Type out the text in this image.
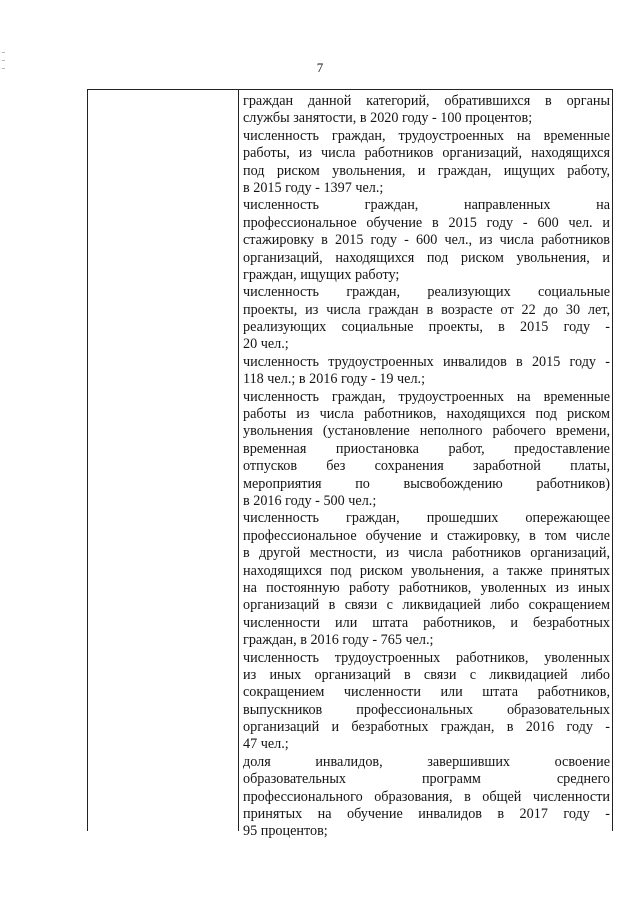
7

граждан данной категорий, обратившихся в органы
службы занятости, в 2020 году - 100 процентов;

численность граждан, трудоустроенных на временные
работы, из числа работников организаций, находящихся
под риском увольнения, и граждан, ищущих работу,
в 2015 году - 1397 чел.;

численность граждан, направленных на
профессиональное обучение в 2015 году - 600 чел. и
стажировку в 2015 году - 600 чел., из числа работников
организаций, находящихся под риском увольнения, и
граждан, ищущих работу;

численность граждан, реализующих социальные
проекты, из числа граждан в возрасте от 22 до 30 лет,
реализующих социальные проекты, в 2015 году -
20 чел.;

численность трудоустроенных инвалидов в 2015 году -
118 чел.; в 2016 году - 19 чел.;

численность граждан, трудоустроенных на временные
работы из числа работников, находящихся под риском
увольнения (установление неполного рабочего времени,
временная приостановка работ, предоставление
отпусков без сохранения заработной платы,
мероприятия по высвобождению работников)
в 2016 году - 500 чел.;

численность граждан, прошедших опережающее
профессиональное обучение и стажировку, в том числе
в другой местности, из числа работников организаций,
находящихся под риском увольнения, а также принятых
на постоянную работу работников, уволенных из иных
организаций в связи с ликвидацией либо сокращением
численности или штата работников, и безработных
граждан, в 2016 году - 765 чел.;

численность трудоустроенных работников, уволенных
из иных организаций в связи с ликвидацией либо
сокращением численности или штата работников,
выпускников профессиональных образовательных
организаций и безработных граждан, в 2016 году -
47 чел.;

доля инвалидов, завершивших освоение
образовательных программ среднего
профессионального образования, в общей численности
принятых на обучение инвалидов в 2017 году -
95 процентов;
